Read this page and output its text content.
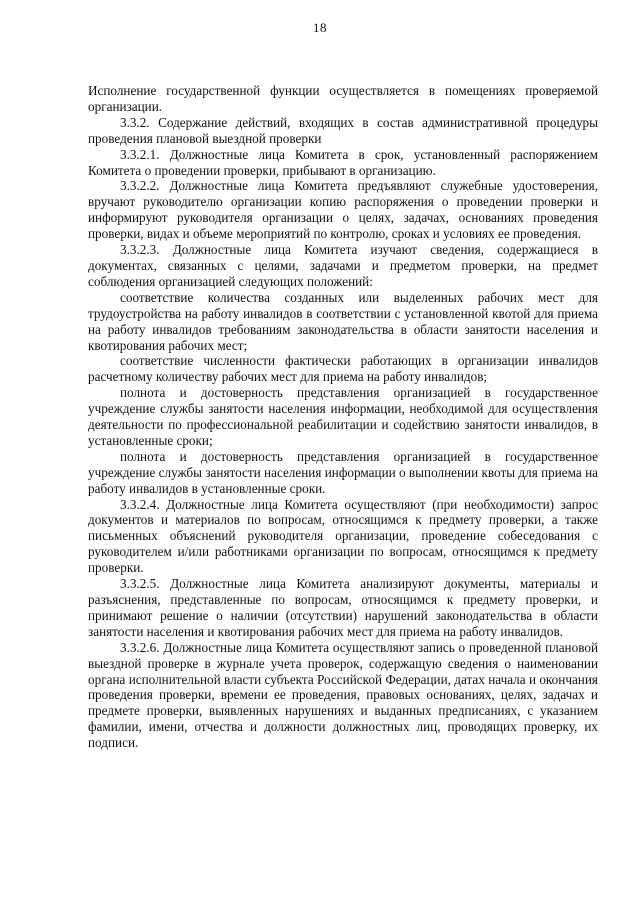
18

Исполнение государственной функции осуществляется в помещениях проверяемой организации.

3.3.2. Содержание действий, входящих в состав административной процедуры проведения плановой выездной проверки

3.3.2.1. Должностные лица Комитета в срок, установленный распоряжением Комитета о проведении проверки, прибывают в организацию.

3.3.2.2. Должностные лица Комитета предъявляют служебные удостоверения, вручают руководителю организации копию распоряжения о проведении проверки и информируют руководителя организации о целях, задачах, основаниях проведения проверки, видах и объеме мероприятий по контролю, сроках и условиях ее проведения.

3.3.2.3. Должностные лица Комитета изучают сведения, содержащиеся в документах, связанных с целями, задачами и предметом проверки, на предмет соблюдения организацией следующих положений:

соответствие количества созданных или выделенных рабочих мест для трудоустройства на работу инвалидов в соответствии с установленной квотой для приема на работу инвалидов требованиям законодательства в области занятости населения и квотирования рабочих мест;

соответствие численности фактически работающих в организации инвалидов расчетному количеству рабочих мест для приема на работу инвалидов;

полнота и достоверность представления организацией в государственное учреждение службы занятости населения информации, необходимой для осуществления деятельности по профессиональной реабилитации и содействию занятости инвалидов, в установленные сроки;

полнота и достоверность представления организацией в государственное учреждение службы занятости населения информации о выполнении квоты для приема на работу инвалидов в установленные сроки.

3.3.2.4. Должностные лица Комитета осуществляют (при необходимости) запрос документов и материалов по вопросам, относящимся к предмету проверки, а также письменных объяснений руководителя организации, проведение собеседования с руководителем и/или работниками организации по вопросам, относящимся к предмету проверки.

3.3.2.5. Должностные лица Комитета анализируют документы, материалы и разъяснения, представленные по вопросам, относящимся к предмету проверки, и принимают решение о наличии (отсутствии) нарушений законодательства в области занятости населения и квотирования рабочих мест для приема на работу инвалидов.

3.3.2.6. Должностные лица Комитета осуществляют запись о проведенной плановой выездной проверке в журнале учета проверок, содержащую сведения о наименовании органа исполнительной власти субъекта Российской Федерации, датах начала и окончания проведения проверки, времени ее проведения, правовых основаниях, целях, задачах и предмете проверки, выявленных нарушениях и выданных предписаниях, с указанием фамилии, имени, отчества и должности должностных лиц, проводящих проверку, их подписи.
